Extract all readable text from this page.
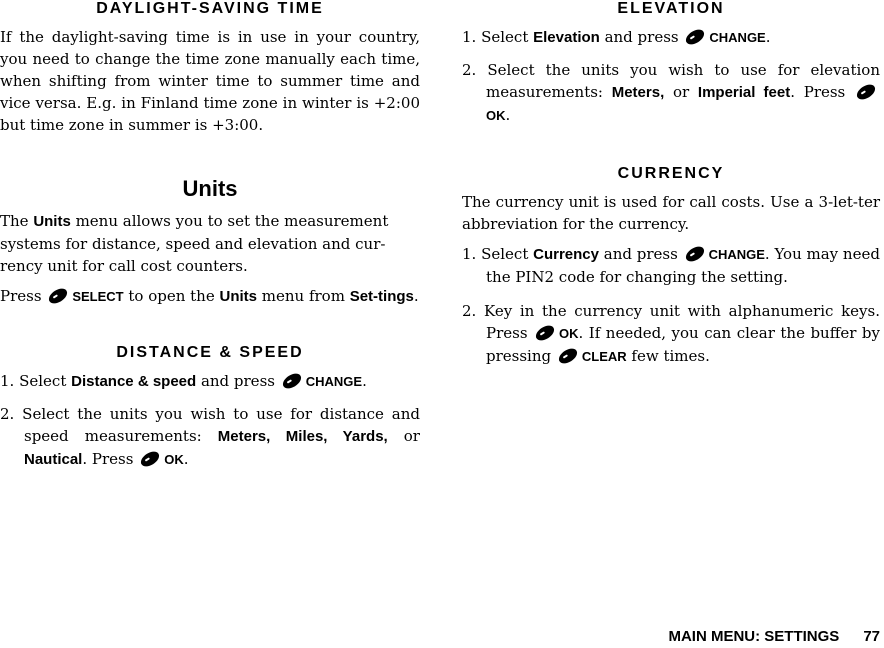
DAYLIGHT-SAVING TIME

If the daylight-saving time is in use in your country, you need to change the time zone manually each time, when shifting from winter time to summer time and vice versa. E.g. in Finland time zone in winter is +2:00 but time zone in summer is +3:00.

Units

The Units menu allows you to set the measurement systems for distance, speed and elevation and cur-rency unit for call cost counters.

Press SELECT to open the Units menu from Set-tings.

DISTANCE & SPEED
1. Select Distance & speed and press CHANGE.
2. Select the units you wish to use for distance and speed measurements: Meters, Miles, Yards, or Nautical. Press OK.
ELEVATION
1. Select Elevation and press CHANGE.
2. Select the units you wish to use for elevation measurements: Meters, or Imperial feet. Press OK.
CURRENCY

The currency unit is used for call costs. Use a 3-let-ter abbreviation for the currency.

1. Select Currency and press CHANGE. You may need the PIN2 code for changing the setting.
2. Key in the currency unit with alphanumeric keys. Press OK. If needed, you can clear the buffer by pressing CLEAR few times.
MAIN MENU: SETTINGS 77
